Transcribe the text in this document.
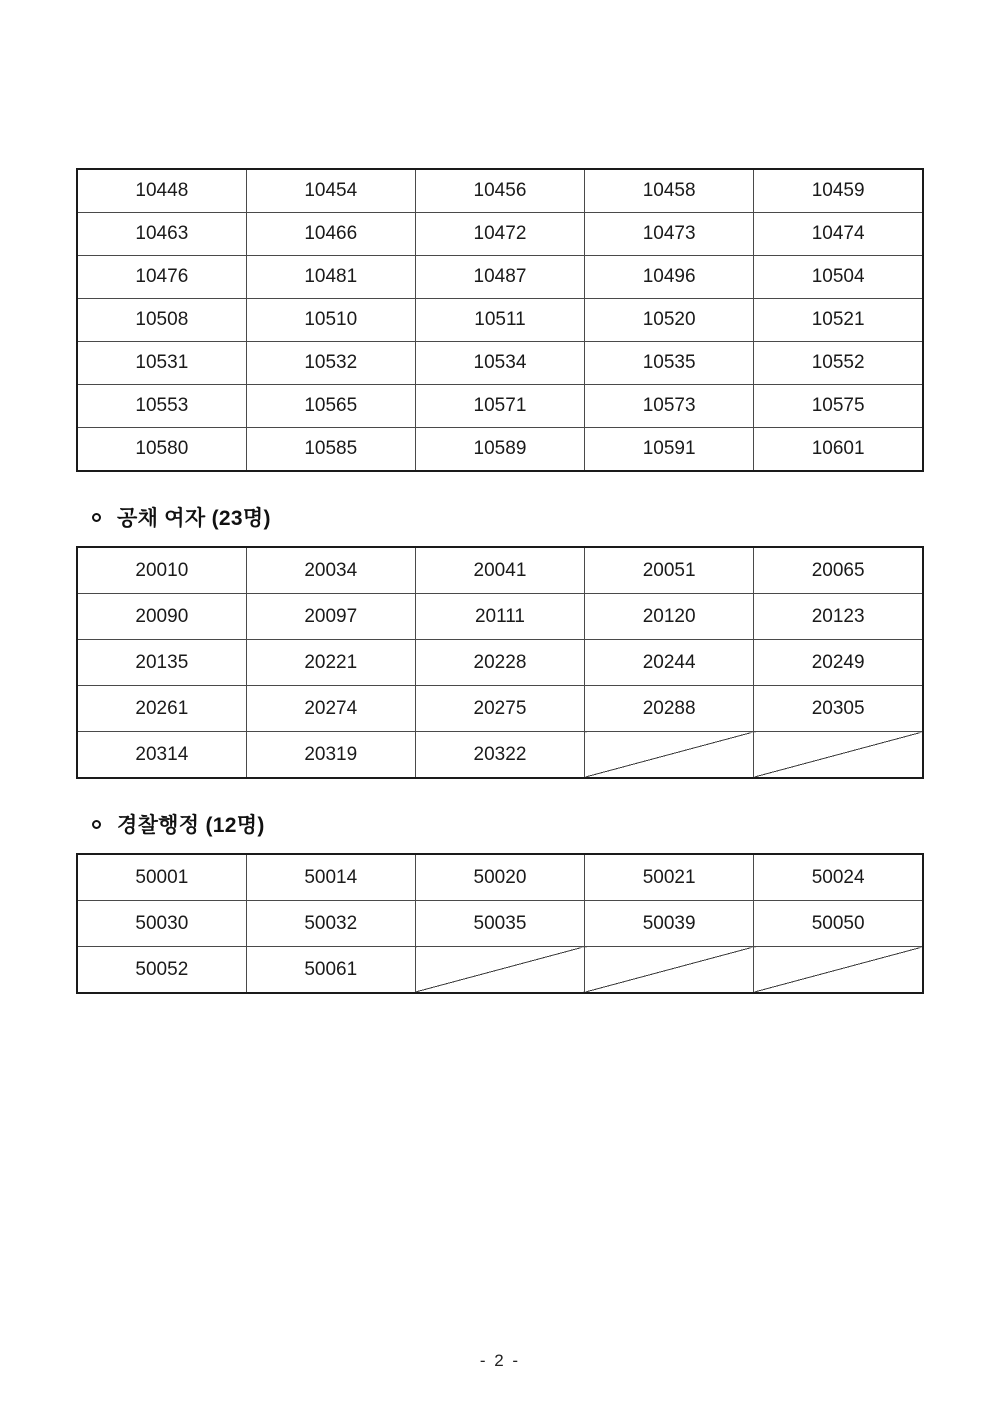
10448	10454	10456	10458	10459
10463	10466	10472	10473	10474
10476	10481	10487	10496	10504
10508	10510	10511	10520	10521
10531	10532	10534	10535	10552
10553	10565	10571	10573	10575
10580	10585	10589	10591	10601
공채 여자 (23명)
20010	20034	20041	20051	20065
20090	20097	20111	20120	20123
20135	20221	20228	20244	20249
20261	20274	20275	20288	20305
20314	20319	20322		
경찰행정 (12명)
50001	50014	50020	50021	50024
50030	50032	50035	50039	50050
50052	50061			
- 2 -
